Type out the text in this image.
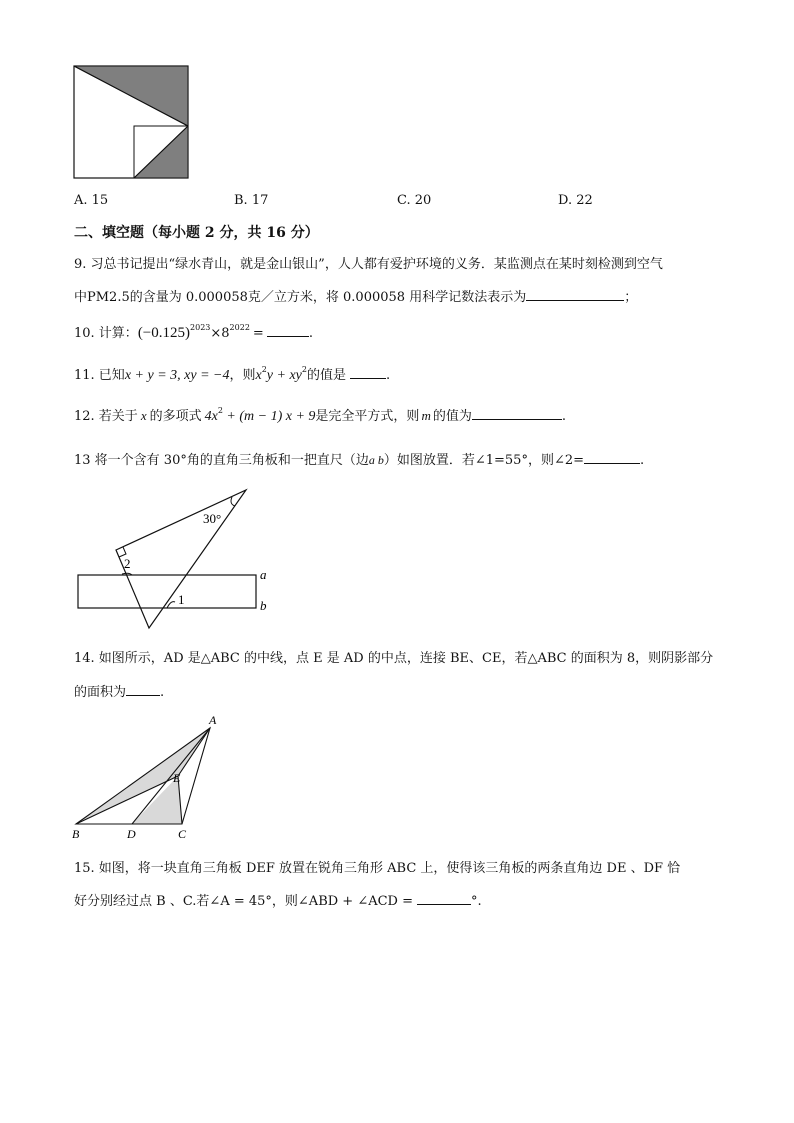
A. 15	B. 17	C. 20	D. 22
二、填空题（每小题 2 分，共 16 分）
9. 习总书记提出“绿水青山，就是金山银山”，人人都有爱护环境的义务．某监测点在某时刻检测到空气
中PM2.5的含量为 0.000058克／立方米，将 0.000058 用科学记数法表示为	；
10. 计算：$(-0.125)^{2023}\times 8^{2022}$ =	.
11. 已知x + y = 3, xy = −4，则$x^2y + xy^2$的值是	.
12. 若关于 x 的多项式 $4x^2 + (m - 1) x + 9$是完全平方式，则 m 的值为	.
13 将一个含有 30°角的直角三角板和一把直尺（边a b）如图放置．若∠1=55°，则∠2=	.
30°
2
1
a
b
14. 如图所示，AD 是△ABC 的中线，点 E 是 AD 的中点，连接 BE、CE，若△ABC 的面积为 8，则阴影部分
的面积为	.
A
B	D	C
E
15. 如图，将一块直角三角板 DEF 放置在锐角三角形 ABC 上，使得该三角板的两条直角边 DE 、DF 恰
好分别经过点 B 、C.若∠A = 45°，则∠ABD + ∠ACD =	°.
